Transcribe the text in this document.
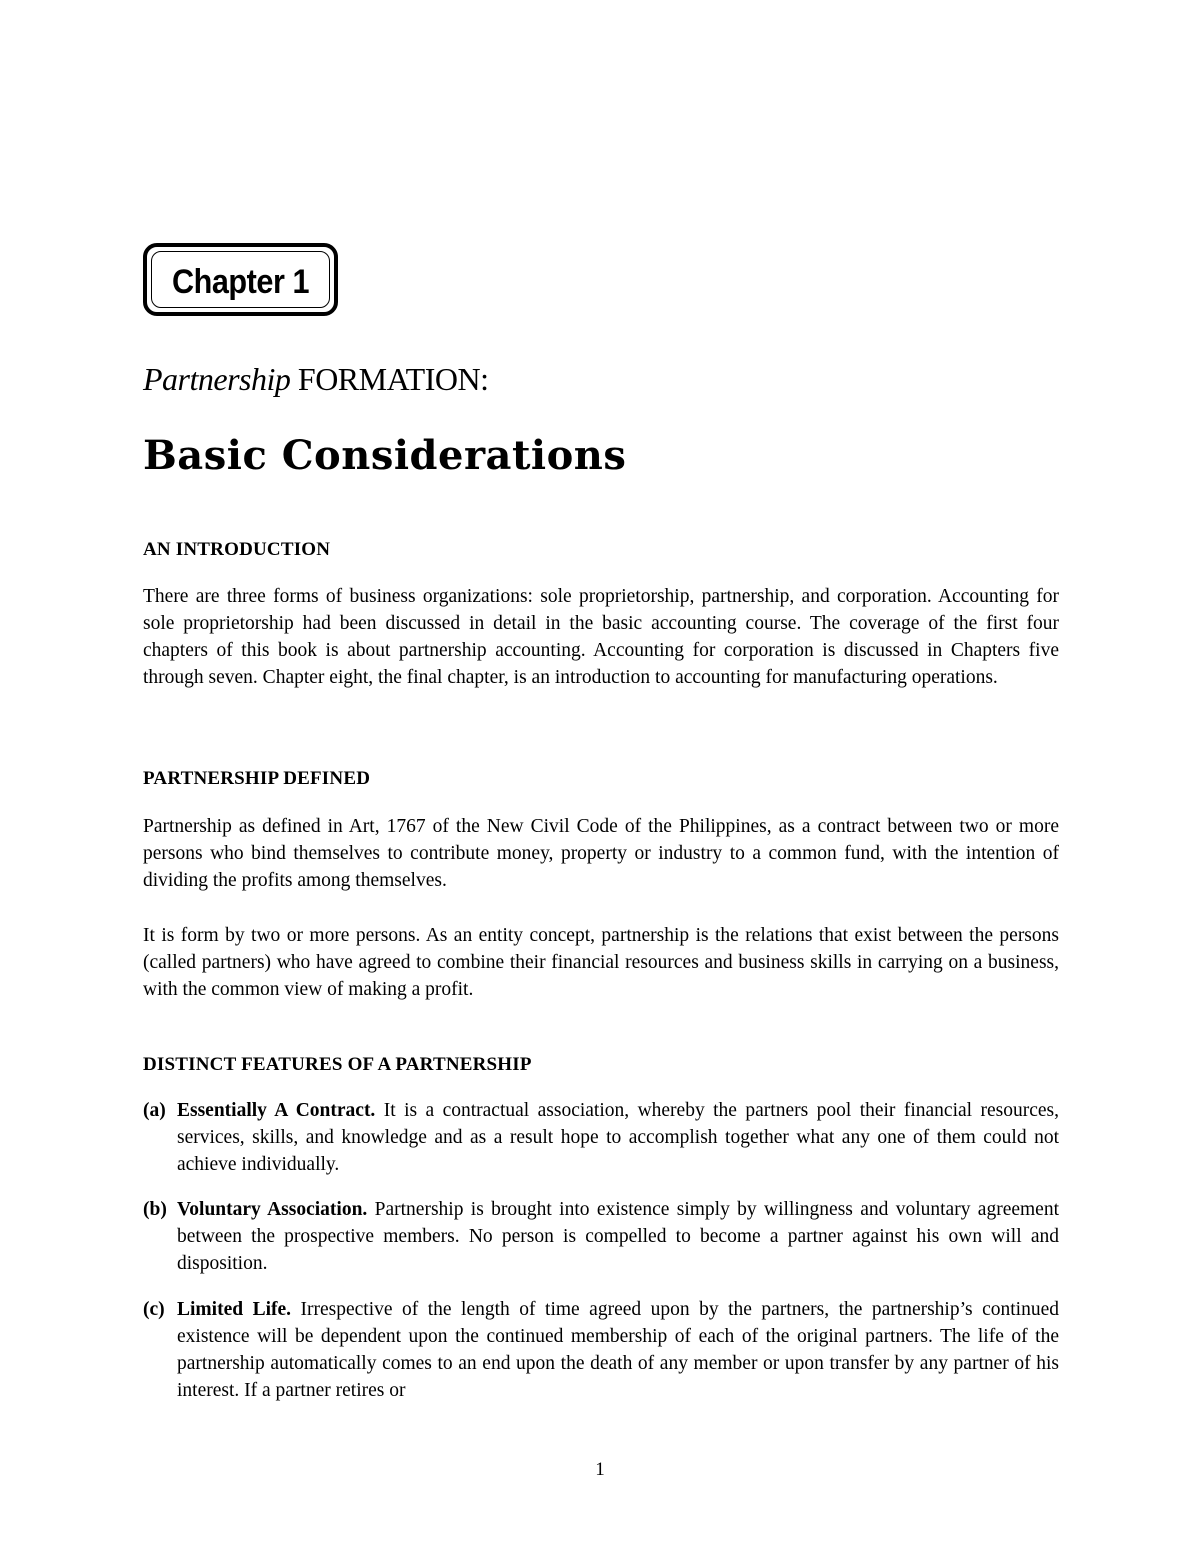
Chapter 1
Partnership FORMATION:
Basic Considerations
AN INTRODUCTION

There are three forms of business organizations: sole proprietorship, partnership, and corporation. Accounting for sole proprietorship had been discussed in detail in the basic accounting course. The coverage of the first four chapters of this book is about partnership accounting. Accounting for corporation is discussed in Chapters five through seven. Chapter eight, the final chapter, is an introduction to accounting for manufacturing operations.

PARTNERSHIP DEFINED

Partnership as defined in Art, 1767 of the New Civil Code of the Philippines, as a contract between two or more persons who bind themselves to contribute money, property or industry to a common fund, with the intention of dividing the profits among themselves.

It is form by two or more persons. As an entity concept, partnership is the relations that exist between the persons (called partners) who have agreed to combine their financial resources and business skills in carrying on a business, with the common view of making a profit.

DISTINCT FEATURES OF A PARTNERSHIP
(a) Essentially A Contract. It is a contractual association, whereby the partners pool their financial resources, services, skills, and knowledge and as a result hope to accomplish together what any one of them could not achieve individually.
(b) Voluntary Association. Partnership is brought into existence simply by willingness and voluntary agreement between the prospective members. No person is compelled to become a partner against his own will and disposition.
(c) Limited Life. Irrespective of the length of time agreed upon by the partners, the partnership’s continued existence will be dependent upon the continued membership of each of the original partners. The life of the partnership automatically comes to an end upon the death of any member or upon transfer by any partner of his interest. If a partner retires or
1
